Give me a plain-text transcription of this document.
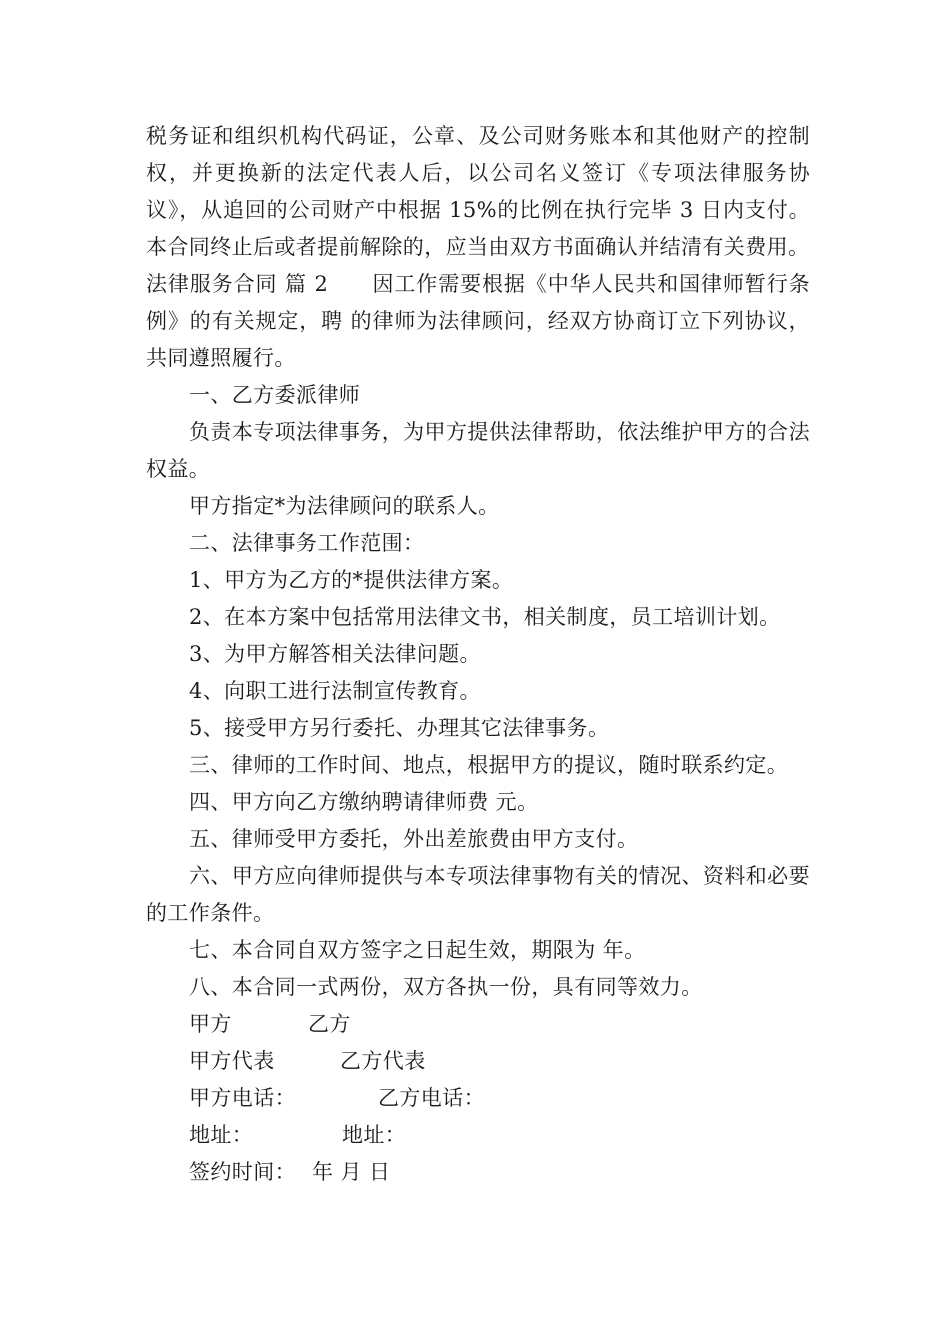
税务证和组织机构代码证，公章、及公司财务账本和其他财产的控制权，并更换新的法定代表人后，以公司名义签订《专项法律服务协议》，从追回的公司财产中根据 15%的比例在执行完毕 3 日内支付。 本合同终止后或者提前解除的，应当由双方书面确认并结清有关费用。

法律服务合同 篇 2　　因工作需要根据《中华人民共和国律师暂行条例》的有关规定，聘 的律师为法律顾问，经双方协商订立下列协议，共同遵照履行。

一、乙方委派律师

负责本专项法律事务，为甲方提供法律帮助，依法维护甲方的合法权益。

甲方指定*为法律顾问的联系人。

二、法律事务工作范围：

1、甲方为乙方的*提供法律方案。

2、在本方案中包括常用法律文书，相关制度，员工培训计划。

3、为甲方解答相关法律问题。

4、向职工进行法制宣传教育。

5、接受甲方另行委托、办理其它法律事务。

三、律师的工作时间、地点，根据甲方的提议，随时联系约定。

四、甲方向乙方缴纳聘请律师费 元。

五、律师受甲方委托，外出差旅费由甲方支付。

六、甲方应向律师提供与本专项法律事物有关的情况、资料和必要的工作条件。

七、本合同自双方签字之日起生效，期限为 年。

八、本合同一式两份，双方各执一份，具有同等效力。

甲方	乙方
甲方代表	乙方代表
甲方电话：	乙方电话：
地址：	地址：
签约时间： 年 月 日
